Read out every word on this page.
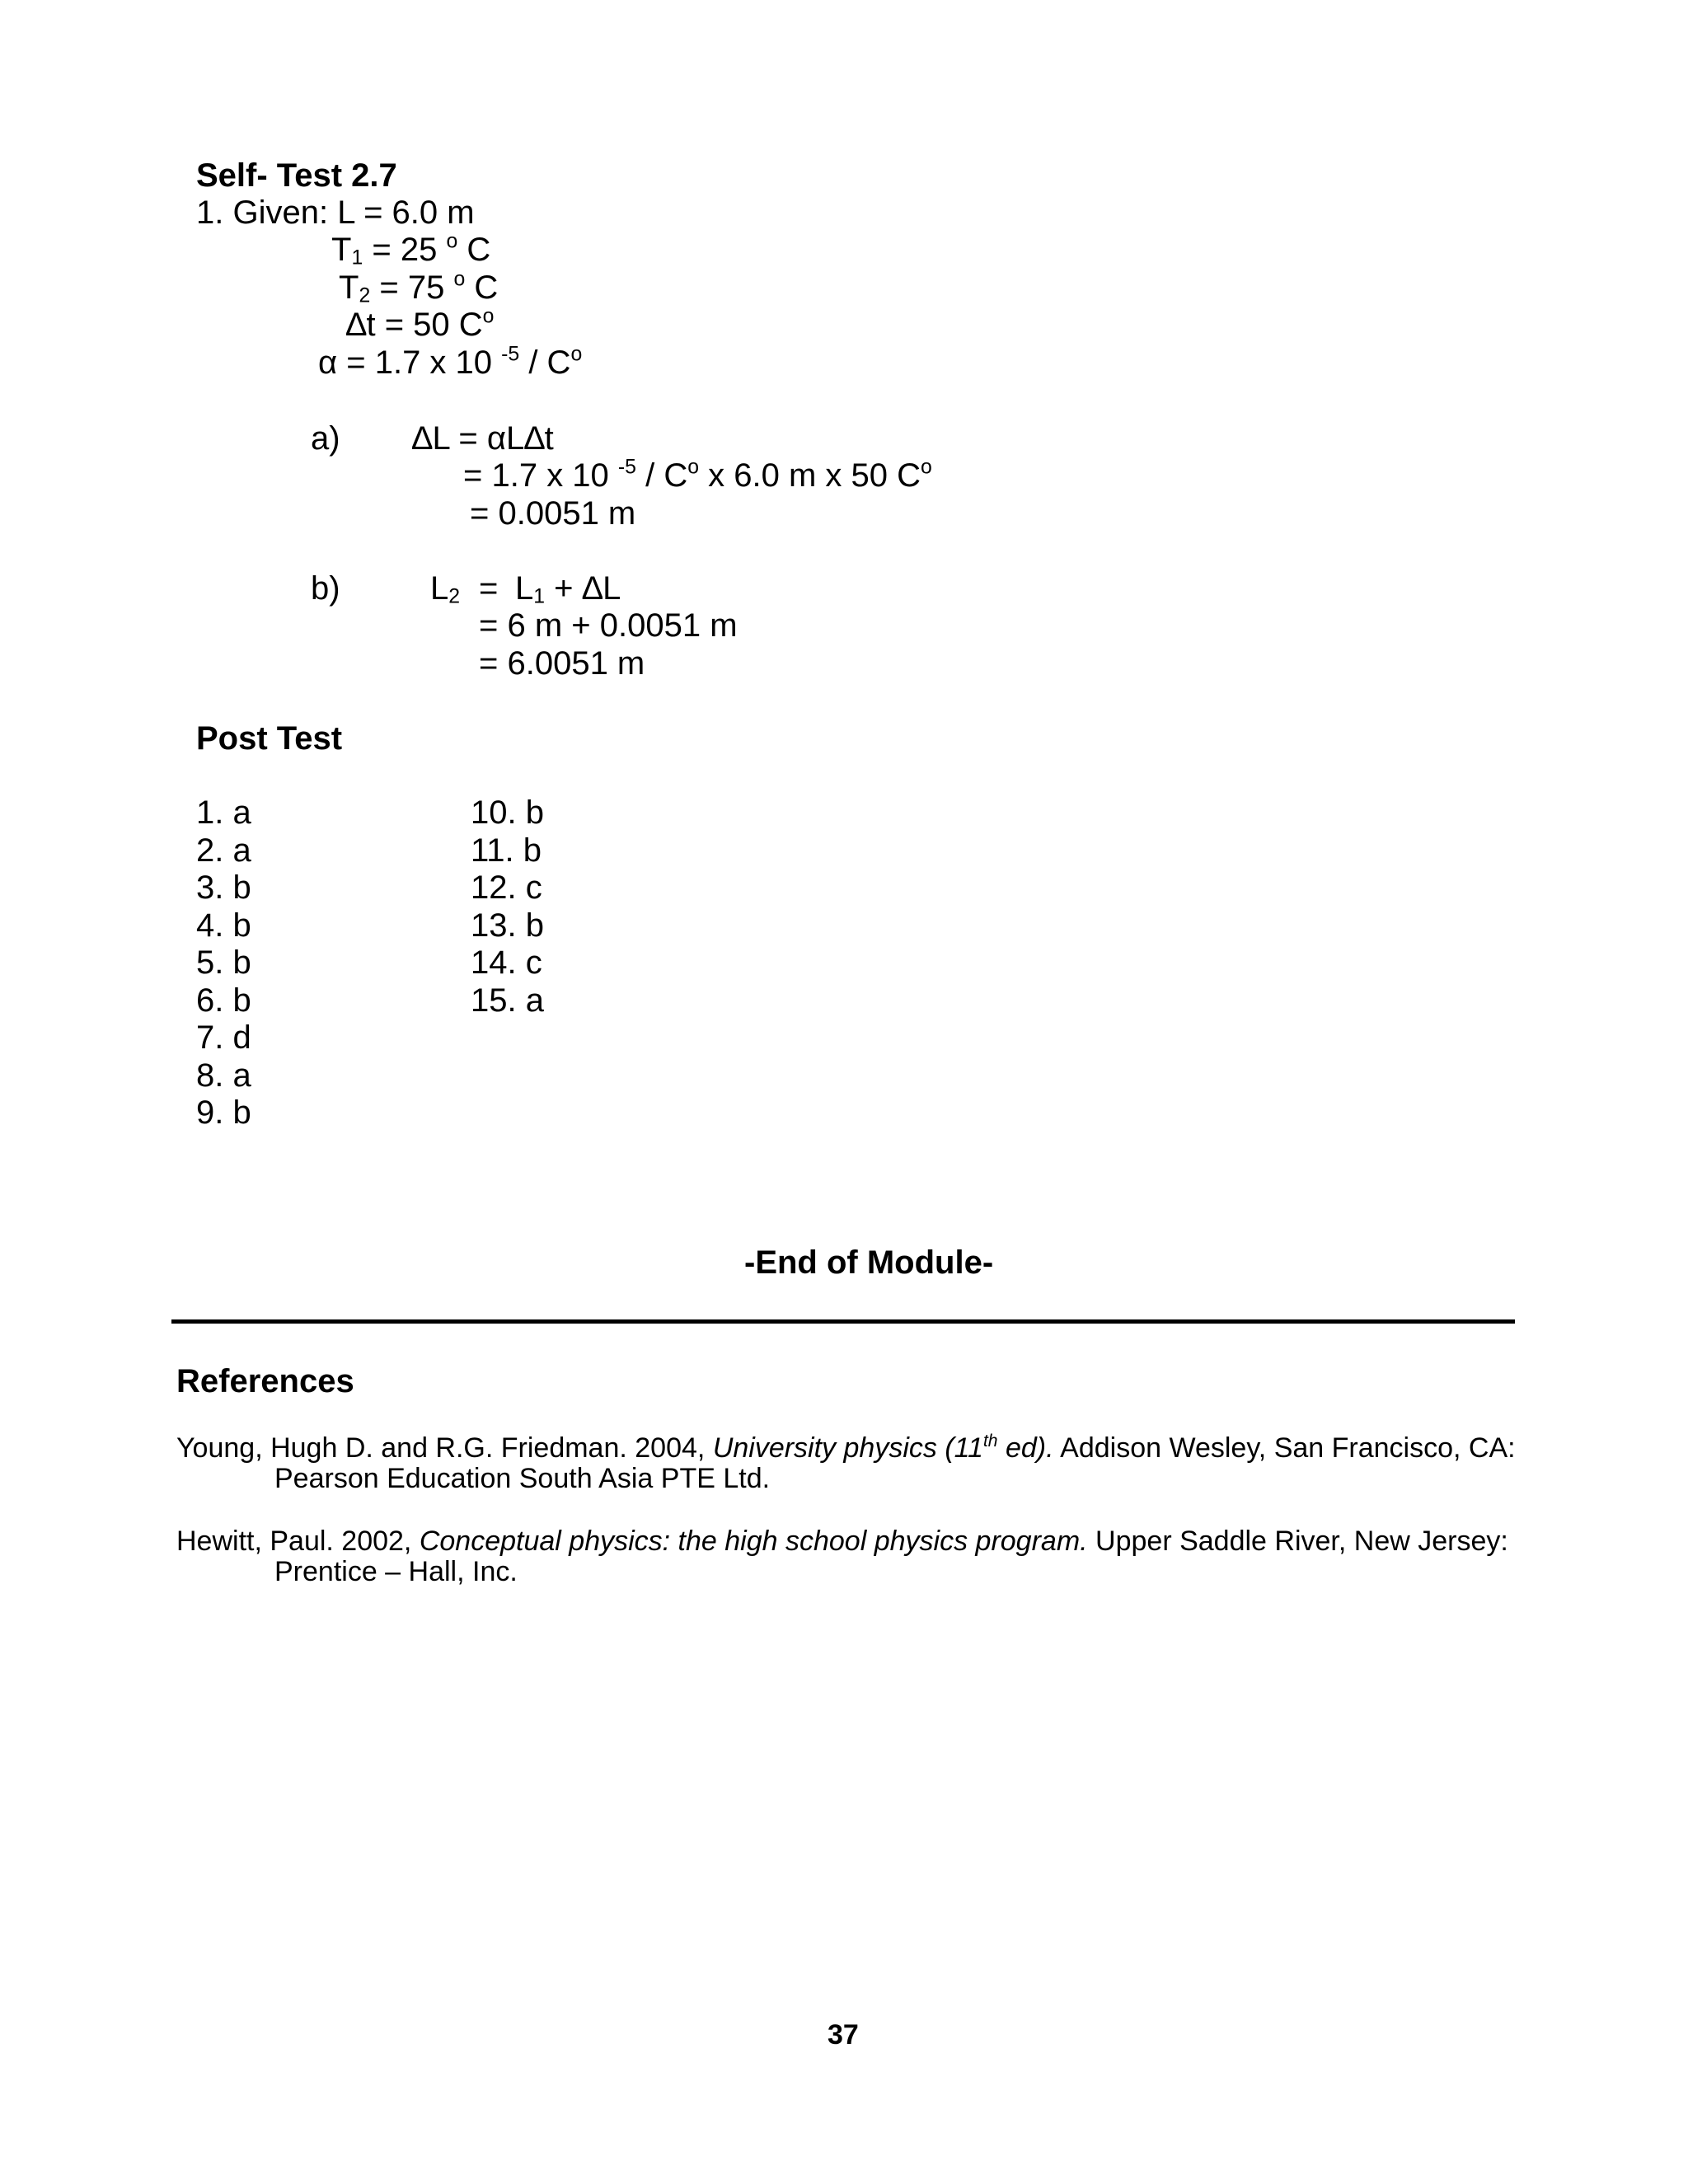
Self- Test 2.7
1. Given: L = 6.0 m
$T_1 = 25$ $^o$ C
$T_2 = 75$ $^o$ C
∆t = 50 $C^o$
α = 1.7 x 10 $^{-5} / C^o$
a) ∆L = αL∆t
= 1.7 x 10 $^{-5} / C^o$ x 6.0 m x 50 $C^o$
= 0.0051 m
b)	$L_2 = L_1 + \Delta L$
= 6 m + 0.0051 m
= 6.0051 m
Post Test
1. a
2. a
3. b
4. b
5. b
6. b
7. d
8. a
9. b
10. b
11. b
12. c
13. b
14. c
15. a
-End of Module-
References
Young, Hugh D. and R.G. Friedman. 2004, University physics (11th ed). Addison Wesley, San Francisco, CA:
Pearson Education South Asia PTE Ltd.
Hewitt, Paul. 2002, Conceptual physics: the high school physics program. Upper Saddle River, New Jersey:
Prentice – Hall, Inc.
37
